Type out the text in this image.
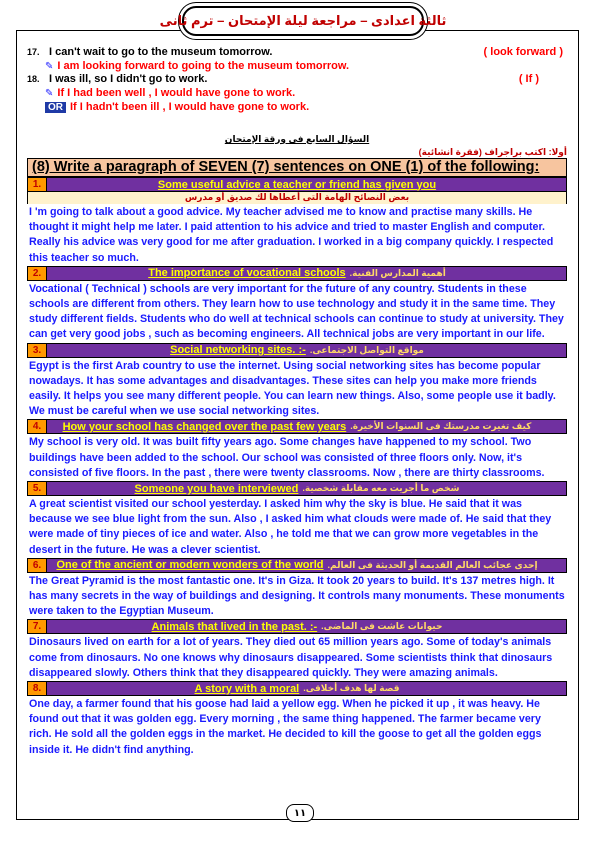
ثالثة اعدادى – مراجعة ليلة الإمتحان – ترم ثانى
17. I can't wait to go to the museum tomorrow.	( look forward )
✎ I am looking forward to going to the museum tomorrow.
18. I was ill, so I didn't go to work.	( If )
✎ If I had been well , I would have gone to work.
OR If I hadn't been ill , I would have gone to work.
السؤال السابع فى ورقة الإمتحان
أولا: اكتب براجراف (فقرة انشائية)
(8) Write a paragraph of SEVEN (7) sentences on ONE (1) of the following:
1.	Some useful advice a teacher or friend has given you
بعض النصائح الهامة التى أعطاها لك صديق أو مدرس

I 'm going to talk about a good advice. My teacher advised me to know and practise many skills. He thought it might help me later. I paid attention to his advice and tried to master English and computer. Really his advice was very good for me after graduation. I worked in a big company quickly. I respected this teacher so much.

2.	The importance of vocational schools أهمية المدارس الفنية.

Vocational ( Technical ) schools are very important for the future of any country. Students in these schools are different from others. They learn how to use technology and study it in the same time. They study different fields. Students who do well at technical schools can continue to study at university. They can get very good jobs , such as becoming engineers. All technical jobs are very important in our life.

3.	Social networking sites. :- مواقع التواصل الاجتماعى.

Egypt is the first Arab country to use the internet. Using social networking sites has become popular nowadays. It has some advantages and disadvantages. These sites can help you make more friends easily. It helps you see many different people. You can learn new things. Also, some people use it badly. We must be careful when we use social networking sites.

4.	How your school has changed over the past few years كيف تغيرت مدرستك فى السنوات الأخيرة.

My school is very old. It was built fifty years ago. Some changes have happened to my school. Two buildings have been added to the school. Our school was consisted of three floors only. Now, it's consisted of five floors. In the past , there were twenty classrooms. Now , there are thirty classrooms.

5.	Someone you have interviewed شخص ما أجريت معه مقابلة شخصية.

A great scientist visited our school yesterday. I asked him why the sky is blue. He said that it was because we see blue light from the sun. Also , I asked him what clouds were made of. He said that they were made of tiny pieces of ice and water. Also , he told me that we can grow more vegetables in the desert in the future. He was a clever scientist.

6.	One of the ancient or modern wonders of the world إحدى عجائب العالم القديمة أو الحديثة فى العالم.

The Great Pyramid is the most fantastic one. It's in Giza. It took 20 years to build. It's 137 metres high. It has many secrets in the way of buildings and designing. It controls many monuments. These monuments were taken to the Egyptian Museum.

7.	Animals that lived in the past. :- حيوانات عاشت فى الماضى.

Dinosaurs lived on earth for a lot of years. They died out 65 million years ago. Some of today's animals come from dinosaurs. No one knows why dinosaurs disappeared. Some scientists think that dinosaurs disappeared slowly. Others think that they disappeared quickly. They were amazing animals.

8.	A story with a moral قصة لها هدف أخلاقى.

One day, a farmer found that his goose had laid a yellow egg. When he picked it up , it was heavy. He found out that it was golden egg. Every morning , the same thing happened. The farmer became very rich. He sold all the golden eggs in the market. He decided to kill the goose to get all the golden eggs inside it. He didn't find anything.

١١
